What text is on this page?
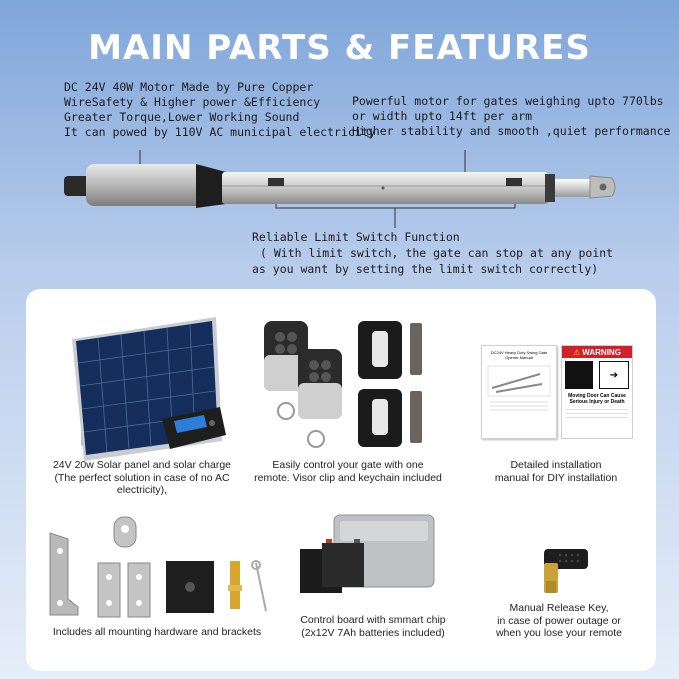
MAIN PARTS & FEATURES
DC 24V 40W Motor Made by Pure Copper
WireSafety & Higher power &Efficiency
Greater Torque,Lower Working Sound
It can powed by 110V AC municipal electricity
Powerful motor for gates weighing upto 770lbs
or width upto 14ft per arm
Higher stability and smooth ,quiet performance
Reliable Limit Switch Function
( With limit switch, the gate can stop at any point
as you want by setting the limit switch correctly)
DC24V Heavy Duty Swing Gate Opener Manual
⚠ WARNING
➔
Moving Door Can Cause Serious Injury or Death
24V 20w Solar panel and solar charge
(The perfect solution in case of no AC
electricity),
Easily control your gate with one
remote. Visor clip and keychain included
Detailed installation
manual for DIY installation
Includes all mounting hardware and brackets
Control board with smmart chip
(2x12V 7Ah batteries included)
Manual Release Key,
in case of power outage or
when you lose your remote
